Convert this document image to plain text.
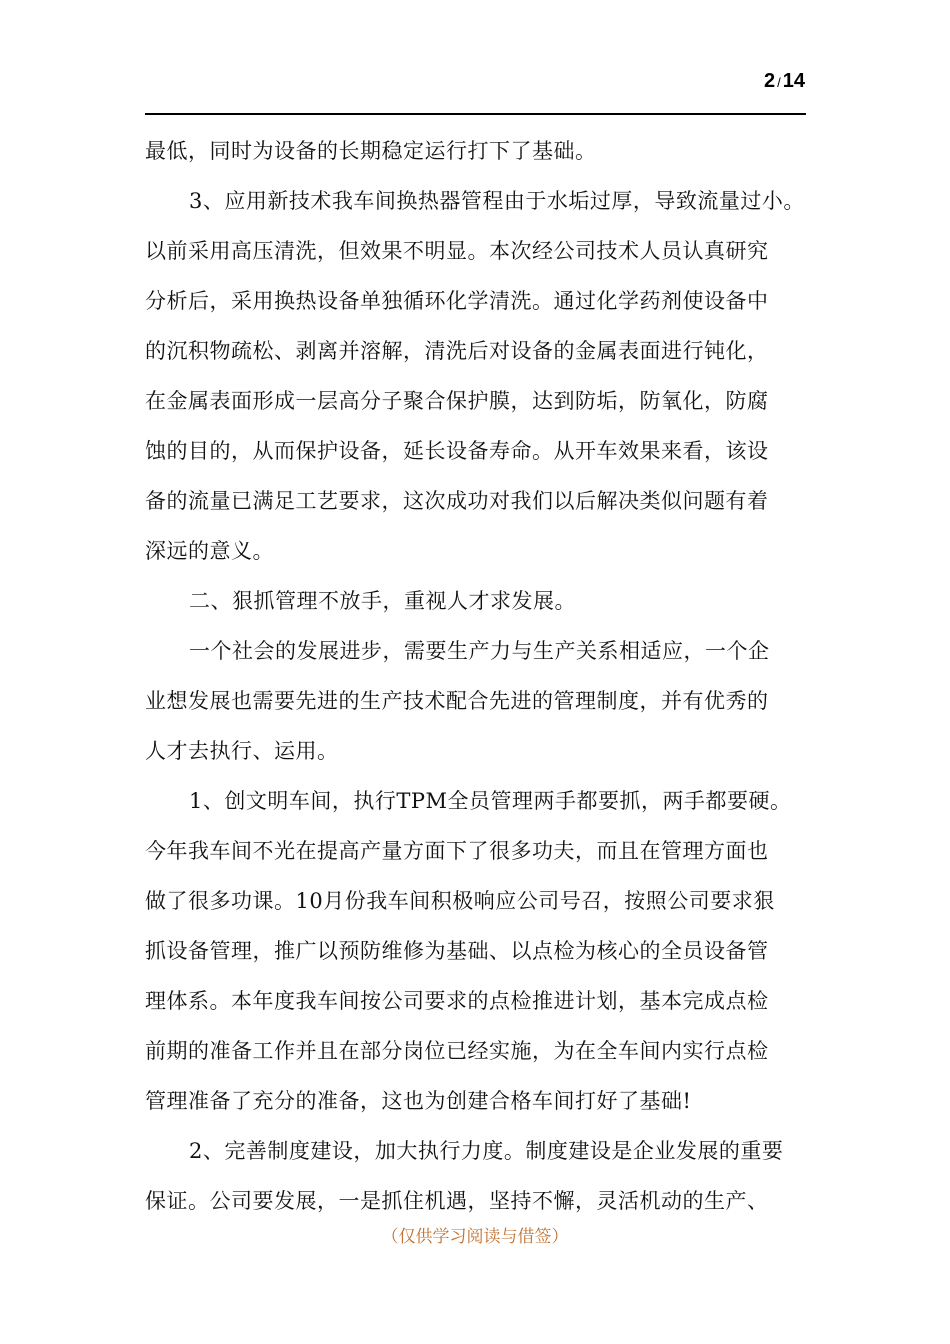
2 / 14
最低，同时为设备的长期稳定运行打下了基础。
3、应用新技术我车间换热器管程由于水垢过厚，导致流量过小。
以前采用高压清洗，但效果不明显。本次经公司技术人员认真研究
分析后，采用换热设备单独循环化学清洗。通过化学药剂使设备中
的沉积物疏松、剥离并溶解，清洗后对设备的金属表面进行钝化，
在金属表面形成一层高分子聚合保护膜，达到防垢，防氧化，防腐
蚀的目的，从而保护设备，延长设备寿命。从开车效果来看，该设
备的流量已满足工艺要求，这次成功对我们以后解决类似问题有着
深远的意义。
二、狠抓管理不放手，重视人才求发展。
一个社会的发展进步，需要生产力与生产关系相适应，一个企
业想发展也需要先进的生产技术配合先进的管理制度，并有优秀的
人才去执行、运用。
1、创文明车间，执行TPM全员管理两手都要抓，两手都要硬。
今年我车间不光在提高产量方面下了很多功夫，而且在管理方面也
做了很多功课。10月份我车间积极响应公司号召，按照公司要求狠
抓设备管理，推广以预防维修为基础、以点检为核心的全员设备管
理体系。本年度我车间按公司要求的点检推进计划，基本完成点检
前期的准备工作并且在部分岗位已经实施，为在全车间内实行点检
管理准备了充分的准备，这也为创建合格车间打好了基础!
2、完善制度建设，加大执行力度。制度建设是企业发展的重要
保证。公司要发展，一是抓住机遇，坚持不懈，灵活机动的生产、
（仅供学习阅读与借签）
